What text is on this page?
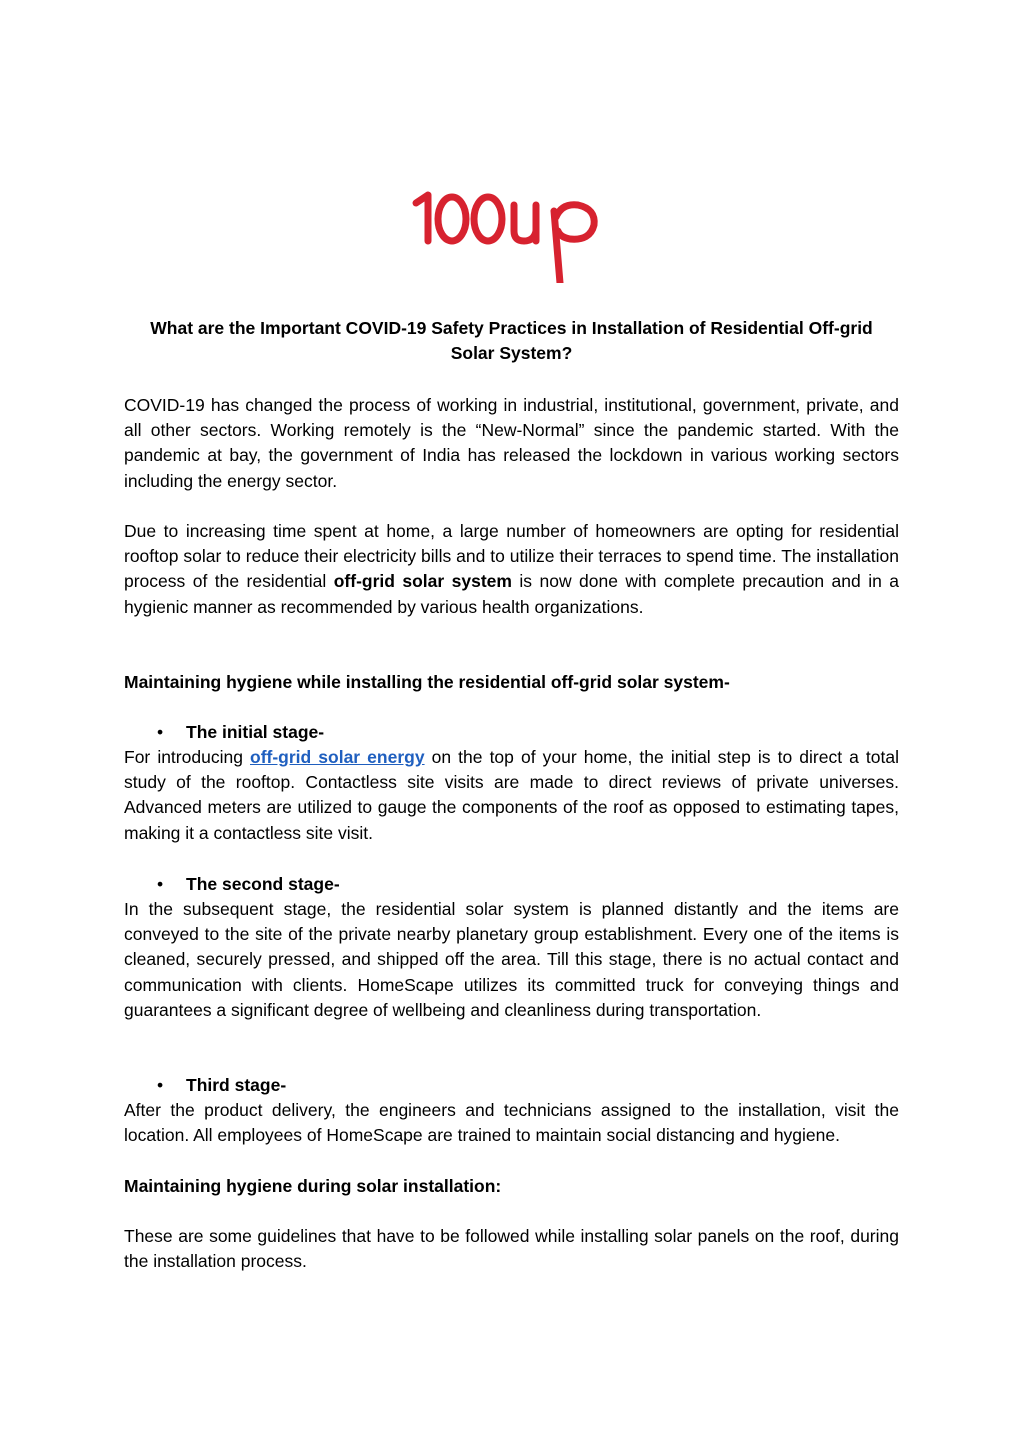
What are the Important COVID-19 Safety Practices in Installation of Residential Off-grid
Solar System?

COVID-19 has changed the process of working in industrial, institutional, government, private, and all other sectors. Working remotely is the “New-Normal” since the pandemic started. With the pandemic at bay, the government of India has released the lockdown in various working sectors including the energy sector.

Due to increasing time spent at home, a large number of homeowners are opting for residential rooftop solar to reduce their electricity bills and to utilize their terraces to spend time. The installation process of the residential off-grid solar system is now done with complete precaution and in a hygienic manner as recommended by various health organizations.

Maintaining hygiene while installing the residential off-grid solar system-
• The initial stage-

For introducing off-grid solar energy on the top of your home, the initial step is to direct a total study of the rooftop. Contactless site visits are made to direct reviews of private universes. Advanced meters are utilized to gauge the components of the roof as opposed to estimating tapes, making it a contactless site visit.

• The second stage-

In the subsequent stage, the residential solar system is planned distantly and the items are conveyed to the site of the private nearby planetary group establishment. Every one of the items is cleaned, securely pressed, and shipped off the area. Till this stage, there is no actual contact and communication with clients. HomeScape utilizes its committed truck for conveying things and guarantees a significant degree of wellbeing and cleanliness during transportation.

• Third stage-

After the product delivery, the engineers and technicians assigned to the installation, visit the location. All employees of HomeScape are trained to maintain social distancing and hygiene.

Maintaining hygiene during solar installation:

These are some guidelines that have to be followed while installing solar panels on the roof, during the installation process.
